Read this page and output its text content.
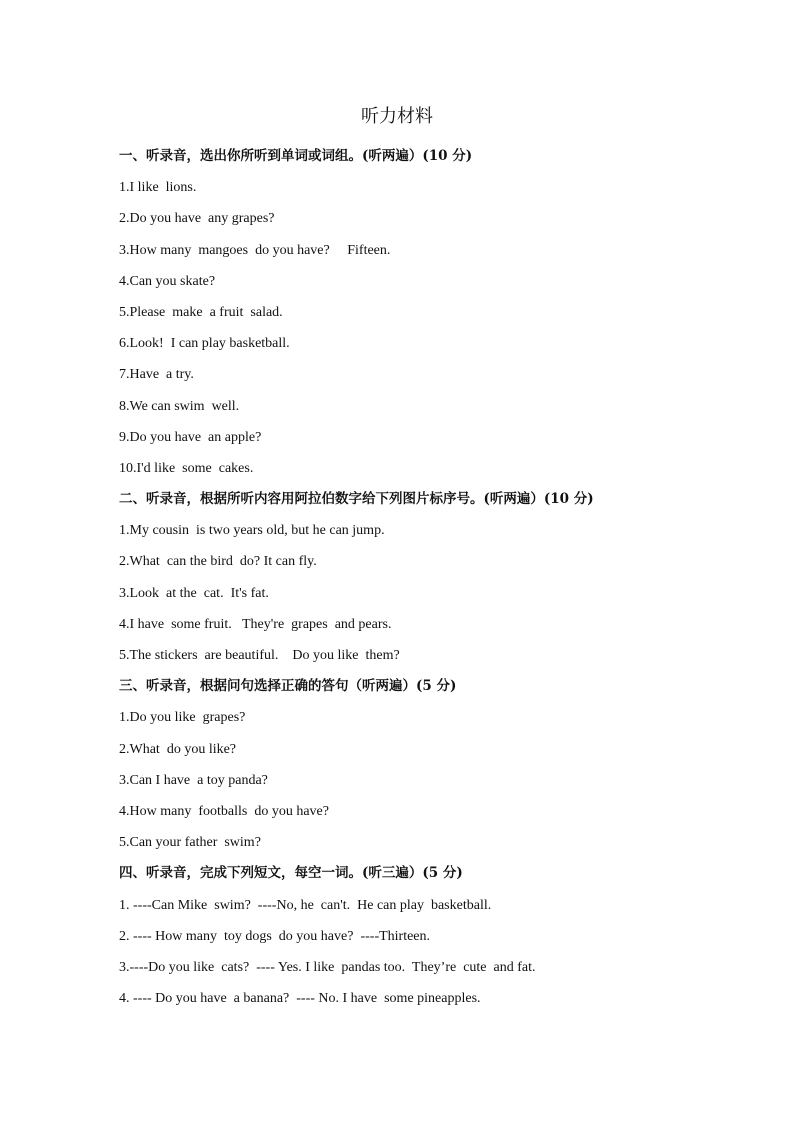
听力材料
一、听录音，选出你所听到单词或词组。(听两遍）(10 分)
1.I like  lions.
2.Do you have  any grapes?
3.How many  mangoes  do you have?     Fifteen.
4.Can you skate?
5.Please  make  a fruit  salad.
6.Look!  I can play basketball.
7.Have  a try.
8.We can swim  well.
9.Do you have  an apple?
10.I'd like  some  cakes.
二、听录音，根据所听内容用阿拉伯数字给下列图片标序号。(听两遍）(10 分)
1.My cousin  is two years old, but he can jump.
2.What  can the bird  do? It can fly.
3.Look  at the  cat.  It's fat.
4.I have  some fruit.   They're  grapes  and pears.
5.The stickers  are beautiful.    Do you like  them?
三、听录音，根据问句选择正确的答句（听两遍）(5 分)
1.Do you like  grapes?
2.What  do you like?
3.Can I have  a toy panda?
4.How many  footballs  do you have?
5.Can your father  swim?
四、听录音，完成下列短文，每空一词。(听三遍）(5 分)
1. ----Can Mike  swim?  ----No, he  can't.  He can play  basketball.
2. ---- How many  toy dogs  do you have?  ----Thirteen.
3.----Do you like  cats?  ---- Yes. I like  pandas too.  They’re  cute  and fat.
4. ---- Do you have  a banana?  ---- No. I have  some pineapples.
